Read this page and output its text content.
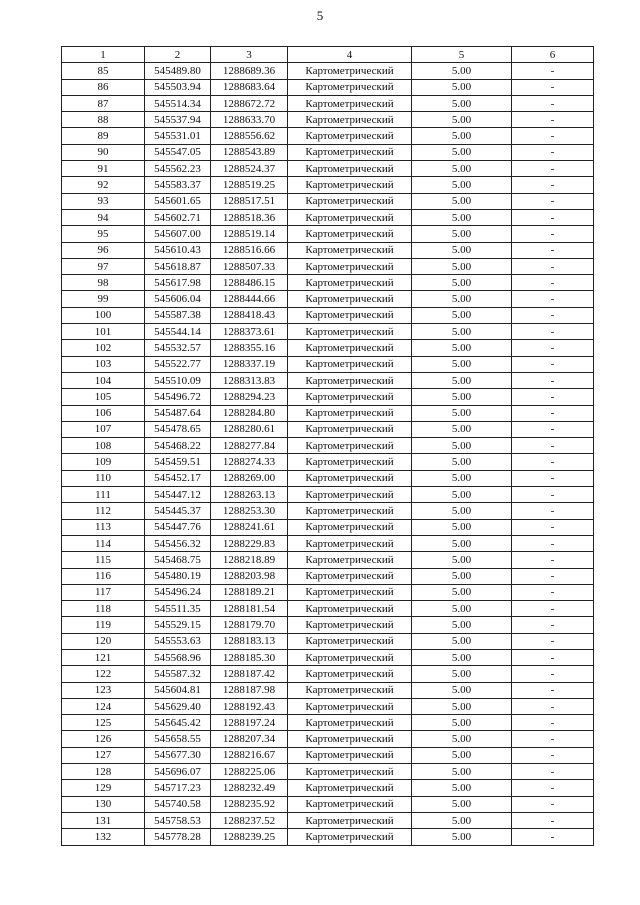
5
1	2	3	4	5	6
85	545489.80	1288689.36	Картометрический	5.00	-
86	545503.94	1288683.64	Картометрический	5.00	-
87	545514.34	1288672.72	Картометрический	5.00	-
88	545537.94	1288633.70	Картометрический	5.00	-
89	545531.01	1288556.62	Картометрический	5.00	-
90	545547.05	1288543.89	Картометрический	5.00	-
91	545562.23	1288524.37	Картометрический	5.00	-
92	545583.37	1288519.25	Картометрический	5.00	-
93	545601.65	1288517.51	Картометрический	5.00	-
94	545602.71	1288518.36	Картометрический	5.00	-
95	545607.00	1288519.14	Картометрический	5.00	-
96	545610.43	1288516.66	Картометрический	5.00	-
97	545618.87	1288507.33	Картометрический	5.00	-
98	545617.98	1288486.15	Картометрический	5.00	-
99	545606.04	1288444.66	Картометрический	5.00	-
100	545587.38	1288418.43	Картометрический	5.00	-
101	545544.14	1288373.61	Картометрический	5.00	-
102	545532.57	1288355.16	Картометрический	5.00	-
103	545522.77	1288337.19	Картометрический	5.00	-
104	545510.09	1288313.83	Картометрический	5.00	-
105	545496.72	1288294.23	Картометрический	5.00	-
106	545487.64	1288284.80	Картометрический	5.00	-
107	545478.65	1288280.61	Картометрический	5.00	-
108	545468.22	1288277.84	Картометрический	5.00	-
109	545459.51	1288274.33	Картометрический	5.00	-
110	545452.17	1288269.00	Картометрический	5.00	-
111	545447.12	1288263.13	Картометрический	5.00	-
112	545445.37	1288253.30	Картометрический	5.00	-
113	545447.76	1288241.61	Картометрический	5.00	-
114	545456.32	1288229.83	Картометрический	5.00	-
115	545468.75	1288218.89	Картометрический	5.00	-
116	545480.19	1288203.98	Картометрический	5.00	-
117	545496.24	1288189.21	Картометрический	5.00	-
118	545511.35	1288181.54	Картометрический	5.00	-
119	545529.15	1288179.70	Картометрический	5.00	-
120	545553.63	1288183.13	Картометрический	5.00	-
121	545568.96	1288185.30	Картометрический	5.00	-
122	545587.32	1288187.42	Картометрический	5.00	-
123	545604.81	1288187.98	Картометрический	5.00	-
124	545629.40	1288192.43	Картометрический	5.00	-
125	545645.42	1288197.24	Картометрический	5.00	-
126	545658.55	1288207.34	Картометрический	5.00	-
127	545677.30	1288216.67	Картометрический	5.00	-
128	545696.07	1288225.06	Картометрический	5.00	-
129	545717.23	1288232.49	Картометрический	5.00	-
130	545740.58	1288235.92	Картометрический	5.00	-
131	545758.53	1288237.52	Картометрический	5.00	-
132	545778.28	1288239.25	Картометрический	5.00	-
